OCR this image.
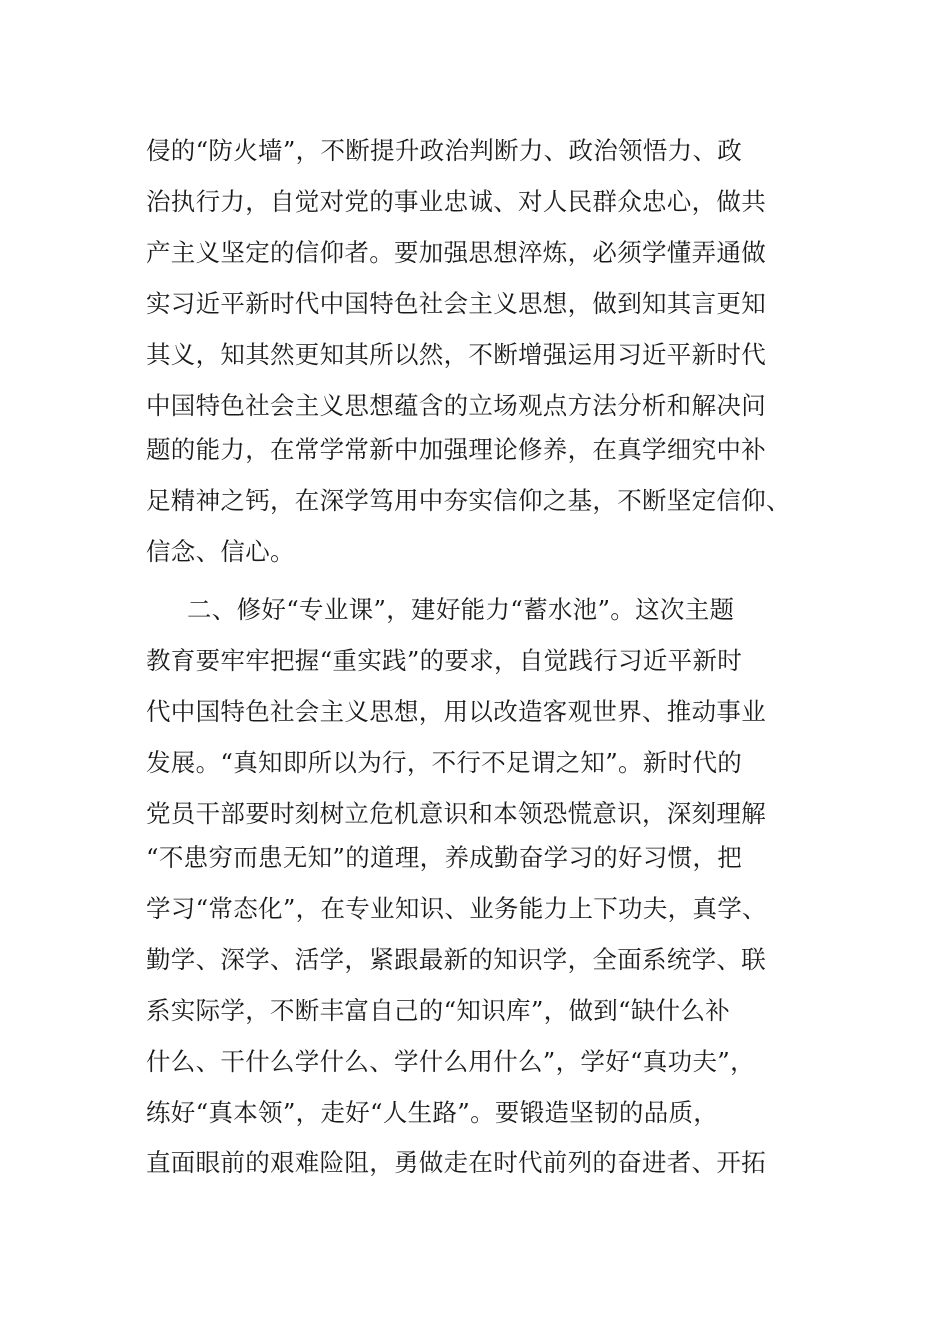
侵的“防火墙”，不断提升政治判断力、政治领悟力、政
治执行力，自觉对党的事业忠诚、对人民群众忠心，做共
产主义坚定的信仰者。要加强思想淬炼，必须学懂弄通做
实习近平新时代中国特色社会主义思想，做到知其言更知
其义，知其然更知其所以然，不断增强运用习近平新时代
中国特色社会主义思想蕴含的立场观点方法分析和解决问
题的能力，在常学常新中加强理论修养，在真学细究中补
足精神之钙，在深学笃用中夯实信仰之基，不断坚定信仰、
信念、信心。
二、修好“专业课”，建好能力“蓄水池”。这次主题
教育要牢牢把握“重实践”的要求，自觉践行习近平新时
代中国特色社会主义思想，用以改造客观世界、推动事业
发展。“真知即所以为行，不行不足谓之知”。新时代的
党员干部要时刻树立危机意识和本领恐慌意识，深刻理解
“不患穷而患无知”的道理，养成勤奋学习的好习惯，把
学习“常态化”，在专业知识、业务能力上下功夫，真学、
勤学、深学、活学，紧跟最新的知识学，全面系统学、联
系实际学，不断丰富自己的“知识库”，做到“缺什么补
什么、干什么学什么、学什么用什么”，学好“真功夫”，
练好“真本领”，走好“人生路”。要锻造坚韧的品质，
直面眼前的艰难险阻，勇做走在时代前列的奋进者、开拓
